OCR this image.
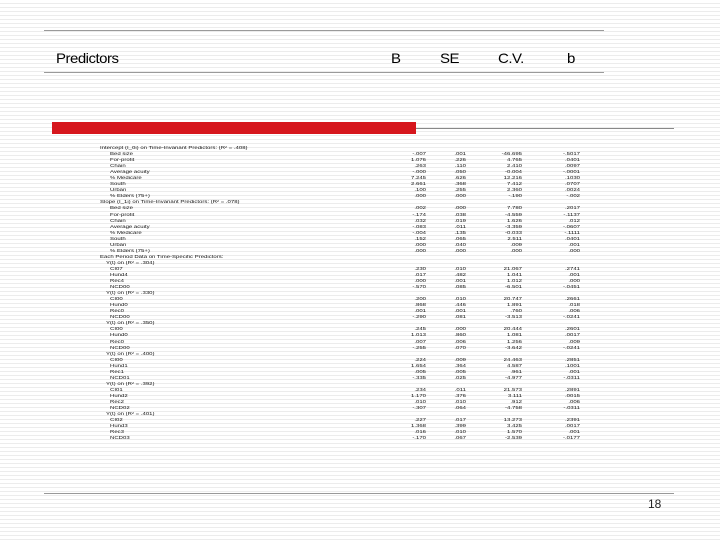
Predictors	B	SE	C.V.	b
Intercept (I_0i) on Time-Invariant Predictors: (R² = .408)
Bed size	-.007	.001	-46.695	-.5017
For-profit	1.076	.226	4.765	.0401
Chain	.263	.110	2.410	.0097
Average acuity	-.000	.050	-0.004	-.0001
% Medicare	7.245	.626	12.216	.1030
South	2.661	.368	7.412	.0707
Urban	.100	.255	2.360	.0024
% Elders (75+)	.000	.000	-.190	-.002
Slope (I_1i) on Time-Invariant Predictors: (R² = .078)
Bed size	.002	.000	7.780	.2017
For-profit	-.174	.038	-4.559	-.1137
Chain	.032	.019	1.626	.012
Average acuity	-.083	.011	-3.359	-.0607
% Medicare	-.004	.135	-0.033	-.1111
South	.152	.065	2.511	.0401
Urban	.000	.040	.009	.001
% Elders (75+)	.000	.000	.000	.000
Each Period Data on Time-Specific Predictors:
Y(t) on (R² = .304)
CI07	.230	.010	21.067	.2741
Hund4	.017	.482	1.041	.001
Rec4	.000	.001	1.012	.000
NCD00	-.570	.085	-6.501	-.0451
Y(t) on (R² = .330)
CI00	.200	.010	20.747	.2661
Hund0	.868	.446	1.891	.018
Rec0	.001	.001	.760	.006
NCD00	-.290	.081	-3.513	-.0241
Y(t) on (R² = .350)
CI00	.245	.000	20.444	.2601
Hund0	1.013	.860	1.081	.0017
Rec0	.007	.006	1.256	.009
NCD00	-.255	.070	-3.642	-.0241
Y(t) on (R² = .400)
CI00	.224	.009	24.463	.2851
Hund1	1.654	.364	4.587	.1001
Rec1	.005	.005	.961	.001
NCD01	-.335	.025	-4.977	-.0311
Y(t) on (R² = .392)
CI01	.234	.011	21.573	.2891
Hund2	1.170	.376	3.111	.0015
Rec2	.010	.010	.912	.006
NCD02	-.307	.064	-4.758	-.0311
Y(t) on (R² = .401)
CI02	.227	.017	13.273	.2391
Hund3	1.368	.399	3.425	.0017
Rec3	.016	.010	1.570	.001
NCD03	-.170	.067	-2.539	-.0177
18
